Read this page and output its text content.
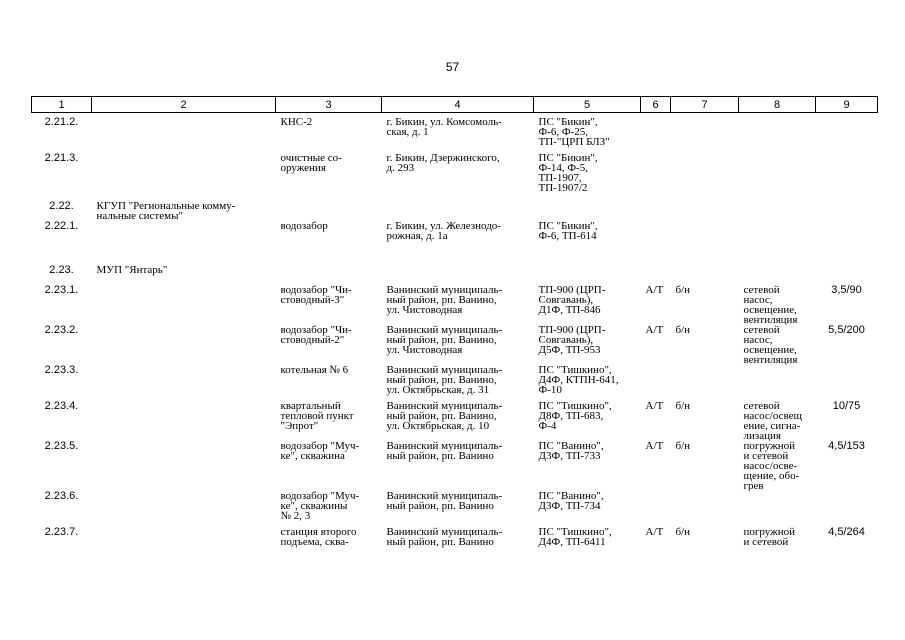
57
1	2	3	4	5	6	7	8	9

2.21.2.		КНС-2	г. Бикин, ул. Комсомоль-
ская, д. 1	ПС "Бикин",
Ф-6, Ф-25,
ТП-"ЦРП БЛЗ"				

2.21.3.		очистные со-
оружения	г. Бикин, Дзержинского,
д. 293	ПС "Бикин",
Ф-14, Ф-5,
ТП-1907,
ТП-1907/2				

2.22.	КГУП "Региональные комму-
нальные системы"							

2.22.1.		водозабор	г. Бикин, ул. Железнодо-
рожная, д. 1а	ПС "Бикин",
Ф-6, ТП-614				

2.23.	МУП "Янтарь"							

2.23.1.		водозабор "Чи-
стоводный-3"	Ванинский муниципаль-
ный район, рп. Ванино,
ул. Чистоводная	ТП-900 (ЦРП-
Совгавань),
Д1Ф, ТП-846	А/Т	б/н	сетевой
насос,
освещение,
вентиляция	3,5/90

2.23.2.		водозабор "Чи-
стоводный-2"	Ванинский муниципаль-
ный район, рп. Ванино,
ул. Чистоводная	ТП-900 (ЦРП-
Совгавань),
Д5Ф, ТП-953	А/Т	б/н	сетевой
насос,
освещение,
вентиляция	5,5/200

2.23.3.		котельная № 6	Ванинский муниципаль-
ный район, рп. Ванино,
ул. Октябрьская, д. 31	ПС "Тишкино",
Д4Ф, КТПН-641,
Ф-10				

2.23.4.		квартальный
тепловой пункт
"Эпрот"	Ванинский муниципаль-
ный район, рп. Ванино,
ул. Октябрьская, д. 10	ПС "Тишкино",
Д8Ф, ТП-683,
Ф-4	А/Т	б/н	сетевой
насос/освещ
ение, сигна-
лизация	10/75

2.23.5.		водозабор "Муч-
ке", скважина	Ванинский муниципаль-
ный район, рп. Ванино	ПС "Ванино",
Д3Ф, ТП-733	А/Т	б/н	погружной
и сетевой
насос/осве-
щение, обо-
грев	4,5/153

2.23.6.		водозабор "Муч-
ке", скважины
№ 2, 3	Ванинский муниципаль-
ный район, рп. Ванино	ПС "Ванино",
Д3Ф, ТП-734				

2.23.7.		станция второго
подъема, сква-	Ванинский муниципаль-
ный район, рп. Ванино	ПС "Тишкино",
Д4Ф, ТП-6411	А/Т	б/н	погружной
и сетевой	4,5/264
